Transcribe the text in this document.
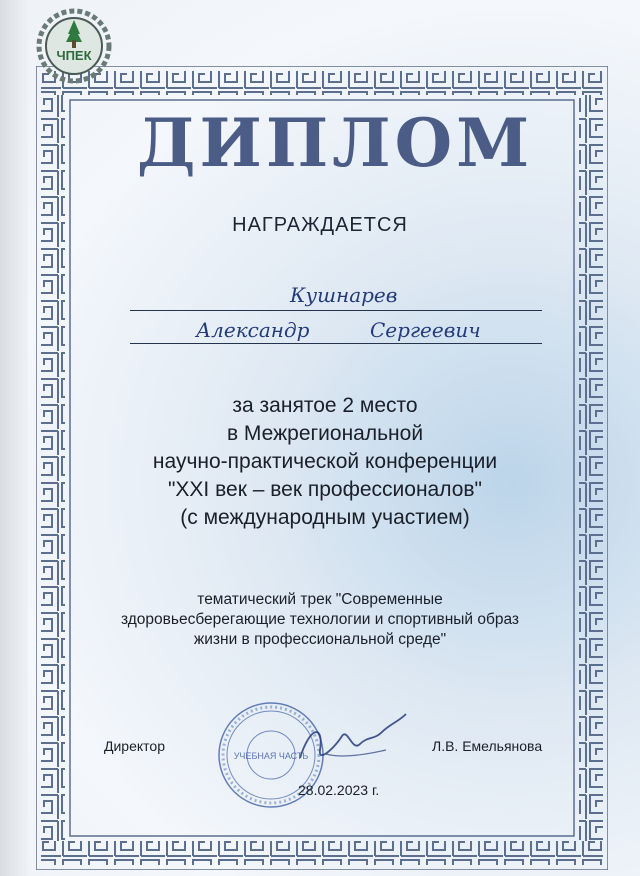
ЧПЕК
ДИПЛОМ
НАГРАЖДАЕТСЯ
Кушнарев
Александр	Сергеевич
за занятое 2 место
в Межрегиональной
научно-практической конференции
"XXI век – век профессионалов"
(с международным участием)
тематический трек "Современные
здоровьесберегающие технологии и спортивный образ
жизни в профессиональной среде"
УЧЕБНАЯ ЧАСТЬ
Директор	Л.В. Емельянова
28.02.2023 г.
